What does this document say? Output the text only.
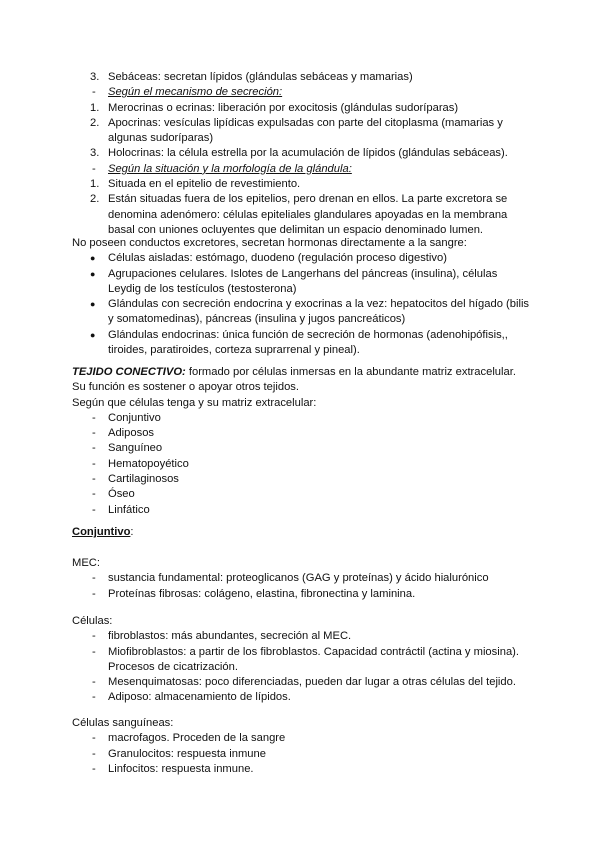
3. Sebáceas: secretan lípidos (glándulas sebáceas y mamarias)
- Según el mecanismo de secreción:
1. Merocrinas o ecrinas: liberación por exocitosis (glándulas sudoríparas)
2. Apocrinas: vesículas lipídicas expulsadas con parte del citoplasma (mamarias y
algunas sudoríparas)
3. Holocrinas: la célula estrella por la acumulación de lípidos (glándulas sebáceas).
- Según la situación y la morfología de la glándula:
1. Situada en el epitelio de revestimiento.
2. Están situadas fuera de los epitelios, pero drenan en ellos. La parte excretora se
denomina adenómero: células epiteliales glandulares apoyadas en la membrana
basal con uniones ocluyentes que delimitan un espacio denominado lumen.
No poseen conductos excretores, secretan hormonas directamente a la sangre:
● Células aisladas: estómago, duodeno (regulación proceso digestivo)
● Agrupaciones celulares. Islotes de Langerhans del páncreas (insulina), células
Leydig de los testículos (testosterona)
● Glándulas con secreción endocrina y exocrinas a la vez: hepatocitos del hígado (bilis
y somatomedinas), páncreas (insulina y jugos pancreáticos)
● Glándulas endocrinas: única función de secreción de hormonas (adenohipófisis,,
tiroides, paratiroides, corteza suprarrenal y pineal).
TEJIDO CONECTIVO: formado por células inmersas en la abundante matriz extracelular.
Su función es sostener o apoyar otros tejidos.
Según que células tenga y su matriz extracelular:
- Conjuntivo
- Adiposos
- Sanguíneo
- Hematopoyético
- Cartilaginosos
- Óseo
- Linfático
Conjuntivo:
MEC:
- sustancia fundamental: proteoglicanos (GAG y proteínas) y ácido hialurónico
- Proteínas fibrosas: colágeno, elastina, fibronectina y laminina.
Células:
- fibroblastos: más abundantes, secreción al MEC.
- Miofibroblastos: a partir de los fibroblastos. Capacidad contráctil (actina y miosina).
Procesos de cicatrización.
- Mesenquimatosas: poco diferenciadas, pueden dar lugar a otras células del tejido.
- Adiposo: almacenamiento de lípidos.
Células sanguíneas:
- macrofagos. Proceden de la sangre
- Granulocitos: respuesta inmune
- Linfocitos: respuesta inmune.
